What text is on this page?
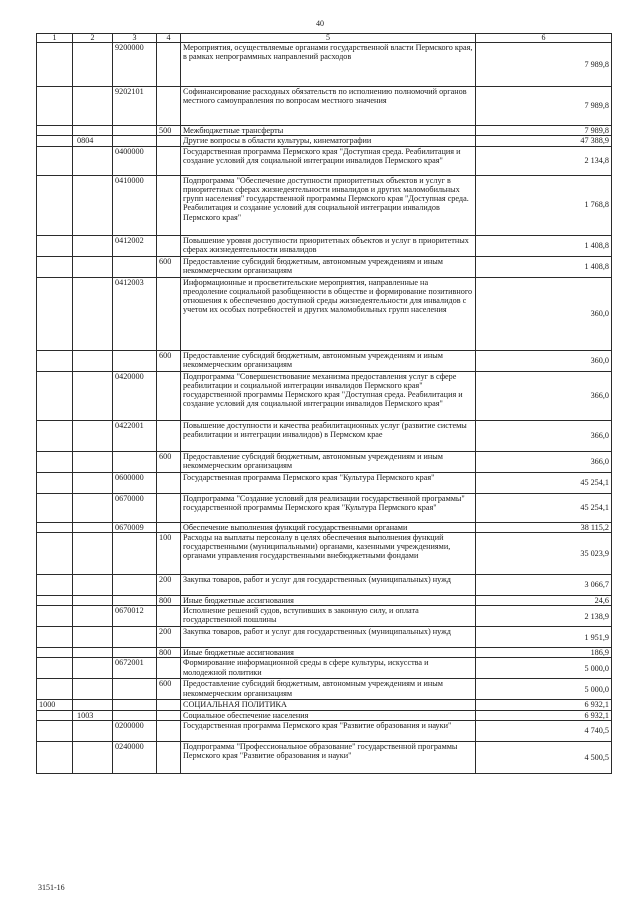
40
1	2	3	4	5	6
		9200000		Мероприятия, осуществляемые органами государственной власти Пермского края, в рамках непрограммных направлений расходов	7 989,8
		9202101		Софинансирование расходных обязательств по исполнению полномочий органов местного самоуправления по вопросам местного значения	7 989,8
			500	Межбюджетные трансферты	7 989,8
	0804			Другие вопросы в области культуры, кинематографии	47 388,9
		0400000		Государственная программа Пермского края "Доступная среда. Реабилитация и создание условий для социальной интеграции инвалидов Пермского края"	2 134,8
		0410000		Подпрограмма "Обеспечение доступности приоритетных объектов и услуг в приоритетных сферах жизнедеятельности инвалидов и других маломобильных групп населения" государственной программы Пермского края "Доступная среда. Реабилитация и создание условий для социальной интеграции инвалидов Пермского края"	1 768,8
		0412002		Повышение уровня доступности приоритетных объектов и услуг в приоритетных сферах жизнедеятельности инвалидов	1 408,8
			600	Предоставление субсидий бюджетным, автономным учреждениям и иным некоммерческим организациям	1 408,8
		0412003		Информационные и просветительские мероприятия, направленные на преодоление социальной разобщенности в обществе и формирование позитивного отношения к обеспечению доступной среды жизнедеятельности для инвалидов с учетом их особых потребностей и других маломобильных групп населения	360,0
			600	Предоставление субсидий бюджетным, автономным учреждениям и иным некоммерческим организациям	360,0
		0420000		Подпрограмма "Совершенствование механизма предоставления услуг в сфере реабилитации и социальной интеграции инвалидов Пермского края" государственной программы Пермского края "Доступная среда. Реабилитация и создание условий для социальной интеграции инвалидов Пермского края"	366,0
		0422001		Повышение доступности и качества реабилитационных услуг (развитие системы реабилитации и интеграции инвалидов) в Пермском крае	366,0
			600	Предоставление субсидий бюджетным, автономным учреждениям и иным некоммерческим организациям	366,0
		0600000		Государственная программа Пермского края "Культура Пермского края"	45 254,1
		0670000		Подпрограмма "Создание условий для реализации государственной программы" государственной программы Пермского края "Культура Пермского края"	45 254,1
		0670009		Обеспечение выполнения функций государственными органами	38 115,2
			100	Расходы на выплаты персоналу в целях обеспечения выполнения функций государственными (муниципальными) органами, казенными учреждениями, органами управления государственными внебюджетными фондами	35 023,9
			200	Закупка товаров, работ и услуг для государственных (муниципальных) нужд	3 066,7
			800	Иные бюджетные ассигнования	24,6
		0670012		Исполнение решений судов, вступивших в законную силу, и оплата государственной пошлины	2 138,9
			200	Закупка товаров, работ и услуг для государственных (муниципальных) нужд	1 951,9
			800	Иные бюджетные ассигнования	186,9
		0672001		Формирование информационной среды в сфере культуры, искусства и молодежной политики	5 000,0
			600	Предоставление субсидий бюджетным, автономным учреждениям и иным некоммерческим организациям	5 000,0
1000				СОЦИАЛЬНАЯ ПОЛИТИКА	6 932,1
	1003			Социальное обеспечение населения	6 932,1
		0200000		Государственная программа Пермского края "Развитие образования и науки"	4 740,5
		0240000		Подпрограмма "Профессиональное образование" государственной программы Пермского края "Развитие образования и науки"	4 500,5
3151-16
